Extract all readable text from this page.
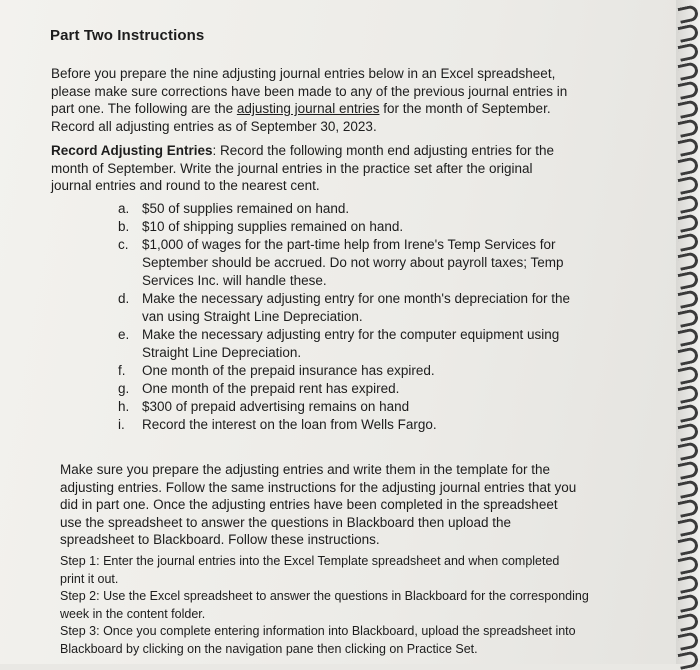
Part Two Instructions
Before you prepare the nine adjusting journal entries below in an Excel spreadsheet,
please make sure corrections have been made to any of the previous journal entries in
part one. The following are the adjusting journal entries for the month of September.
Record all adjusting entries as of September 30, 2023.
Record Adjusting Entries: Record the following month end adjusting entries for the
month of September. Write the journal entries in the practice set after the original
journal entries and round to the nearest cent.
a. $50 of supplies remained on hand.
b. $10 of shipping supplies remained on hand.
c. $1,000 of wages for the part-time help from Irene's Temp Services for
September should be accrued. Do not worry about payroll taxes; Temp
Services Inc. will handle these.
d. Make the necessary adjusting entry for one month's depreciation for the
van using Straight Line Depreciation.
e. Make the necessary adjusting entry for the computer equipment using
Straight Line Depreciation.
f.	One month of the prepaid insurance has expired.
g. One month of the prepaid rent has expired.
h. $300 of prepaid advertising remains on hand
i.	Record the interest on the loan from Wells Fargo.
Make sure you prepare the adjusting entries and write them in the template for the
adjusting entries. Follow the same instructions for the adjusting journal entries that you
did in part one. Once the adjusting entries have been completed in the spreadsheet
use the spreadsheet to answer the questions in Blackboard then upload the
spreadsheet to Blackboard. Follow these instructions.
Step 1: Enter the journal entries into the Excel Template spreadsheet and when completed
print it out.
Step 2: Use the Excel spreadsheet to answer the questions in Blackboard for the corresponding
week in the content folder.
Step 3: Once you complete entering information into Blackboard, upload the spreadsheet into
Blackboard by clicking on the navigation pane then clicking on Practice Set.
